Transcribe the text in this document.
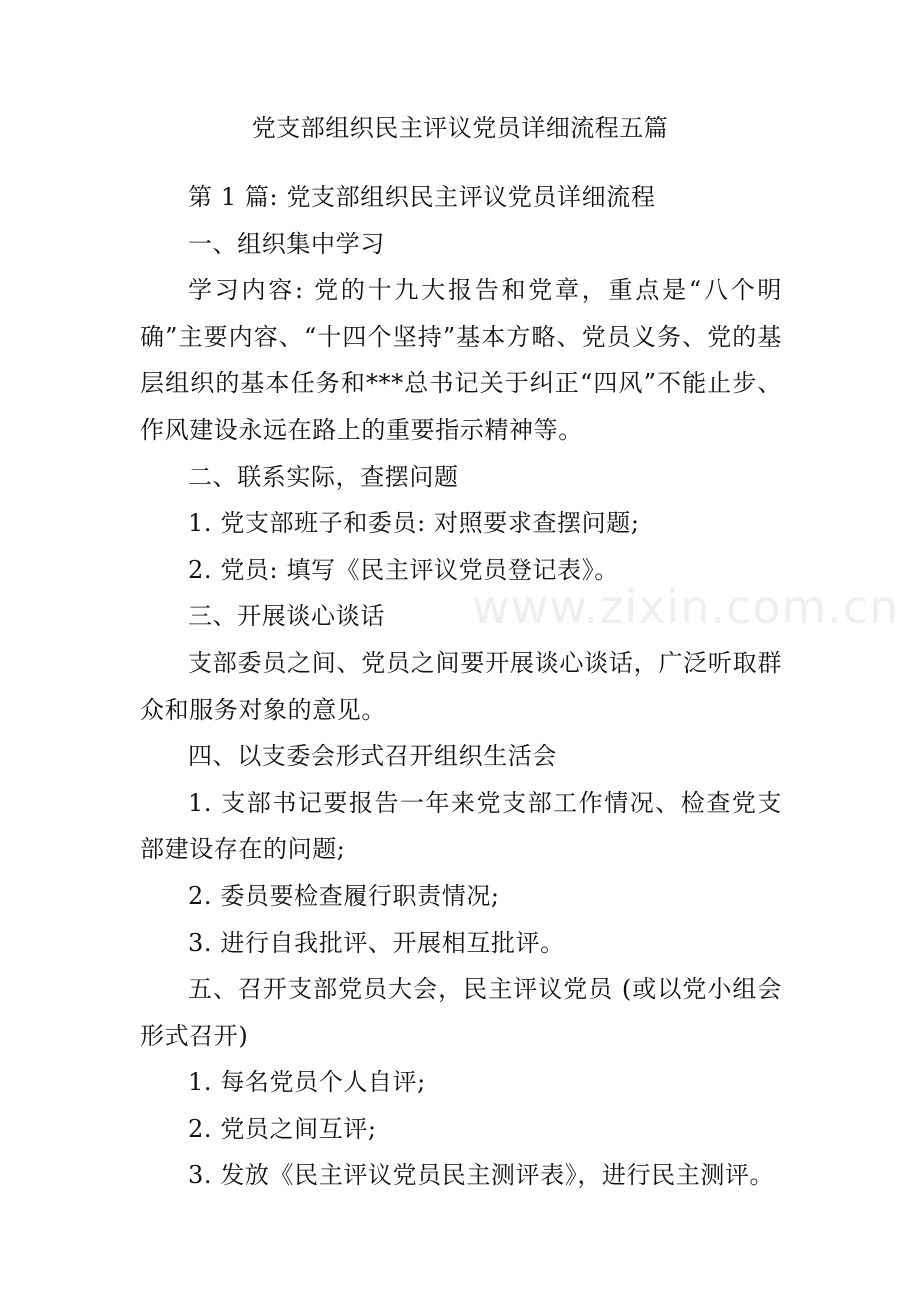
党支部组织民主评议党员详细流程五篇

第 1 篇: 党支部组织民主评议党员详细流程

一、组织集中学习

学习内容: 党的十九大报告和党章，重点是“八个明确”主要内容、“十四个坚持”基本方略、党员义务、党的基层组织的基本任务和***总书记关于纠正“四风”不能止步、作风建设永远在路上的重要指示精神等。

二、联系实际，查摆问题

1. 党支部班子和委员: 对照要求查摆问题;

2. 党员: 填写《民主评议党员登记表》。

三、开展谈心谈话

支部委员之间、党员之间要开展谈心谈话，广泛听取群众和服务对象的意见。

四、以支委会形式召开组织生活会

1. 支部书记要报告一年来党支部工作情况、检查党支部建设存在的问题;

2. 委员要检查履行职责情况;

3. 进行自我批评、开展相互批评。

五、召开支部党员大会，民主评议党员 (或以党小组会形式召开)

1. 每名党员个人自评;

2. 党员之间互评;

3. 发放《民主评议党员民主测评表》，进行民主测评。

www.zixin.com.cn
